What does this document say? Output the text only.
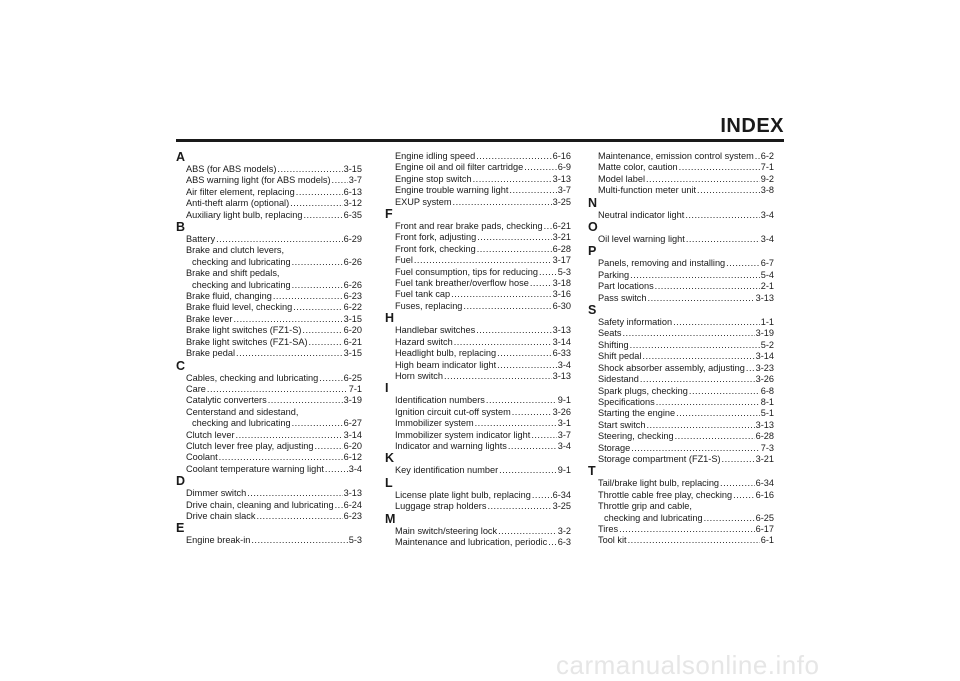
INDEX
A
ABS (for ABS models) .....	3-15
ABS warning light (for ABS models) ..... 3-7
Air filter element, replacing .....	6-13
Anti-theft alarm (optional) .....	3-12
Auxiliary light bulb, replacing .....	6-35
B
Battery .....	6-29
Brake and clutch levers,
checking and lubricating .....	6-26
Brake and shift pedals,
checking and lubricating .....	6-26
Brake fluid, changing .....	6-23
Brake fluid level, checking .....	6-22
Brake lever .....	3-15
Brake light switches (FZ1-S) .....	6-20
Brake light switches (FZ1-SA) .....	6-21
Brake pedal .....	3-15
C
Cables, checking and lubricating .....	6-25
Care .....	7-1
Catalytic converters .....	3-19
Centerstand and sidestand,
checking and lubricating .....	6-27
Clutch lever .....	3-14
Clutch lever free play, adjusting .....	6-20
Coolant .....	6-12
Coolant temperature warning light .....	3-4
D
Dimmer switch .....	3-13
Drive chain, cleaning and lubricating ..... 6-24
Drive chain slack .....	6-23
E
Engine break-in .....	5-3
Engine idling speed .....	6-16
Engine oil and oil filter cartridge .....	6-9
Engine stop switch .....	3-13
Engine trouble warning light .....	3-7
EXUP system .....	3-25
F
Front and rear brake pads, checking ..... 6-21
Front fork, adjusting .....	3-21
Front fork, checking .....	6-28
Fuel .....	3-17
Fuel consumption, tips for reducing ..... 5-3
Fuel tank breather/overflow hose .....	3-18
Fuel tank cap .....	3-16
Fuses, replacing .....	6-30
H
Handlebar switches .....	3-13
Hazard switch .....	3-14
Headlight bulb, replacing .....	6-33
High beam indicator light .....	3-4
Horn switch .....	3-13
I
Identification numbers .....	9-1
Ignition circuit cut-off system .....	3-26
Immobilizer system .....	3-1
Immobilizer system indicator light .....	3-7
Indicator and warning lights .....	3-4
K
Key identification number .....	9-1
L
License plate light bulb, replacing ..... 6-34
Luggage strap holders .....	3-25
M
Main switch/steering lock .....	3-2
Maintenance and lubrication, periodic ..... 6-3
Maintenance, emission control system ..... 6-2
Matte color, caution .....	7-1
Model label .....	9-2
Multi-function meter unit .....	3-8
N
Neutral indicator light .....	3-4
O
Oil level warning light .....	3-4
P
Panels, removing and installing .....	6-7
Parking .....	5-4
Part locations .....	2-1
Pass switch .....	3-13
S
Safety information .....	1-1
Seats .....	3-19
Shifting .....	5-2
Shift pedal .....	3-14
Shock absorber assembly, adjusting ..... 3-23
Sidestand .....	3-26
Spark plugs, checking .....	6-8
Specifications .....	8-1
Starting the engine .....	5-1
Start switch .....	3-13
Steering, checking .....	6-28
Storage .....	7-3
Storage compartment (FZ1-S) .....	3-21
T
Tail/brake light bulb, replacing .....	6-34
Throttle cable free play, checking .....	6-16
Throttle grip and cable,
checking and lubricating .....	6-25
Tires .....	6-17
Tool kit .....	6-1
carmanualsonline.info
